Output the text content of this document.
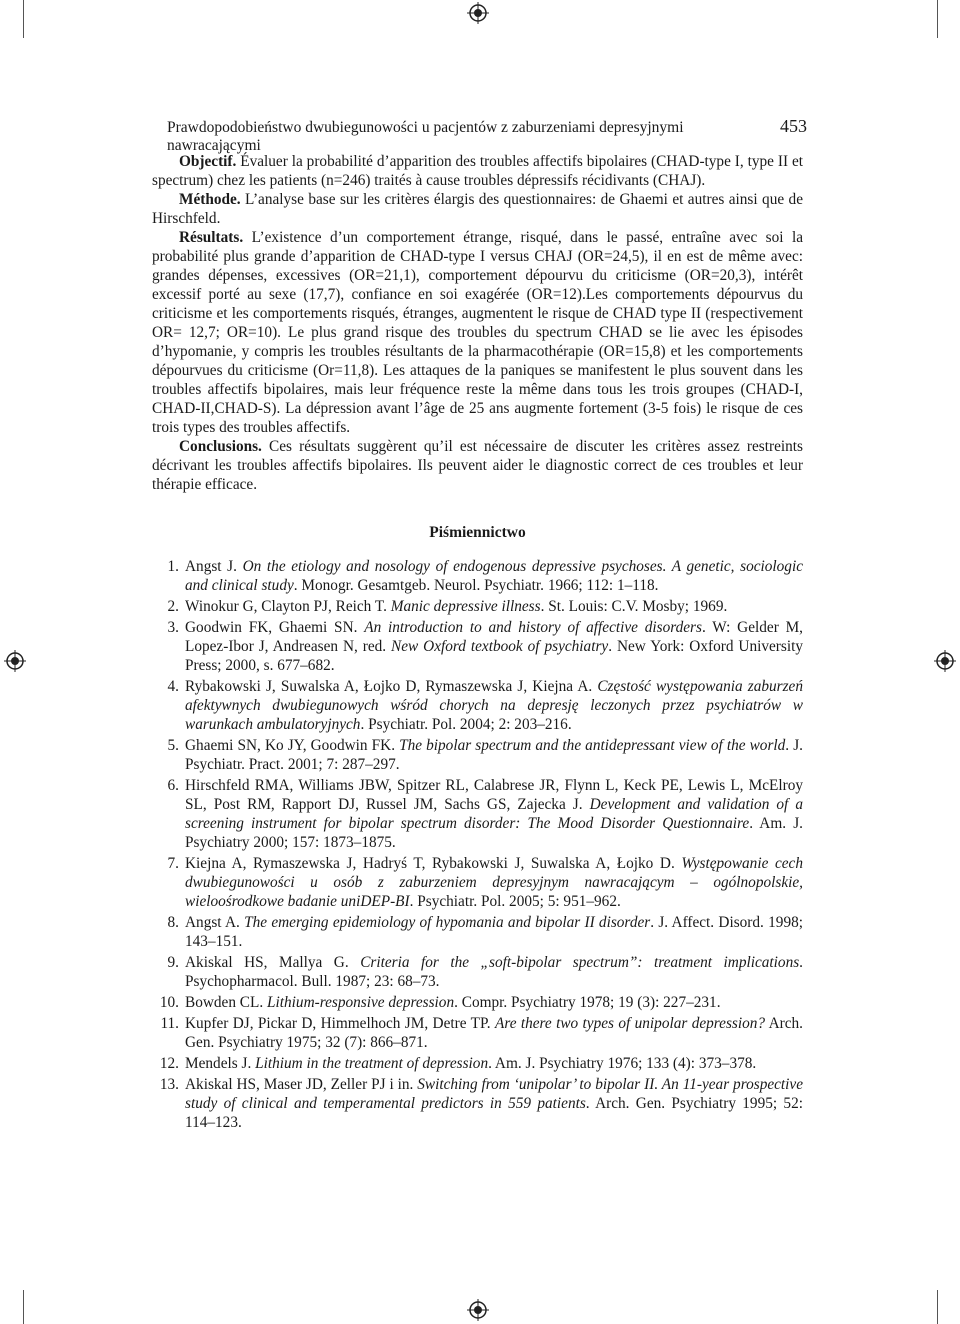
Prawdopodobieństwo dwubiegunowości u pacjentów z zaburzeniami depresyjnymi nawracającymi
453

Objectif. Évaluer la probabilité d’apparition des troubles affectifs bipolaires (CHAD-type I, type II et spectrum) chez les patients (n=246) traités à cause troubles dépressifs récidivants (CHAJ).

Méthode. L’analyse base sur les critères élargis des questionnaires: de Ghaemi et autres ainsi que de Hirschfeld.

Résultats. L’existence d’un comportement étrange, risqué, dans le passé, entraîne avec soi la probabilité plus grande d’apparition de CHAD-type I versus CHAJ (OR=24,5), il en est de même avec: grandes dépenses, excessives (OR=21,1), comportement dépourvu du criticisme (OR=20,3), intérêt excessif porté au sexe (17,7), confiance en soi exagérée (OR=12).Les comportements dépourvus du criticisme et les comportements risqués, étranges, augmentent le risque de CHAD type II (respectivement OR= 12,7; OR=10). Le plus grand risque des troubles du spectrum CHAD se lie avec les épisodes d’hypomanie, y compris les troubles résultants de la pharmacothérapie (OR=15,8) et les comportements dépourvues du criticisme (Or=11,8). Les attaques de la paniques se manifestent le plus souvent dans les troubles affectifs bipolaires, mais leur fréquence reste la même dans tous les trois groupes (CHAD-I, CHAD-II,CHAD-S). La dépression avant l’âge de 25 ans augmente fortement (3-5 fois) le risque de ces trois types des troubles affectifs.

Conclusions. Ces résultats suggèrent qu’il est nécessaire de discuter les critères assez restreints décrivant les troubles affectifs bipolaires. Ils peuvent aider le diagnostic correct de ces troubles et leur thérapie efficace.

Piśmiennictwo
1. Angst J. On the etiology and nosology of endogenous depressive psychoses. A genetic, sociologic and clinical study. Monogr. Gesamtgeb. Neurol. Psychiatr. 1966; 112: 1–118.
2. Winokur G, Clayton PJ, Reich T. Manic depressive illness. St. Louis: C.V. Mosby; 1969.
3. Goodwin FK, Ghaemi SN. An introduction to and history of affective disorders. W: Gelder M, Lopez-Ibor J, Andreasen N, red. New Oxford textbook of psychiatry. New York: Oxford University Press; 2000, s. 677–682.
4. Rybakowski J, Suwalska A, Łojko D, Rymaszewska J, Kiejna A. Częstość występowania zaburzeń afektywnych dwubiegunowych wśród chorych na depresję leczonych przez psychiatrów w warunkach ambulatoryjnych. Psychiatr. Pol. 2004; 2: 203–216.
5. Ghaemi SN, Ko JY, Goodwin FK. The bipolar spectrum and the antidepressant view of the world. J. Psychiatr. Pract. 2001; 7: 287–297.
6. Hirschfeld RMA, Williams JBW, Spitzer RL, Calabrese JR, Flynn L, Keck PE, Lewis L, McElroy SL, Post RM, Rapport DJ, Russel JM, Sachs GS, Zajecka J. Development and validation of a screening instrument for bipolar spectrum disorder: The Mood Disorder Questionnaire. Am. J. Psychiatry 2000; 157: 1873–1875.
7. Kiejna A, Rymaszewska J, Hadryś T, Rybakowski J, Suwalska A, Łojko D. Występowanie cech dwubiegunowości u osób z zaburzeniem depresyjnym nawracającym – ogólnopolskie, wieloośrodkowe badanie uniDEP-BI. Psychiatr. Pol. 2005; 5: 951–962.
8. Angst A. The emerging epidemiology of hypomania and bipolar II disorder. J. Affect. Disord. 1998; 143–151.
9. Akiskal HS, Mallya G. Criteria for the „soft-bipolar spectrum”: treatment implications. Psychopharmacol. Bull. 1987; 23: 68–73.
10. Bowden CL. Lithium-responsive depression. Compr. Psychiatry 1978; 19 (3): 227–231.
11. Kupfer DJ, Pickar D, Himmelhoch JM, Detre TP. Are there two types of unipolar depression? Arch. Gen. Psychiatry 1975; 32 (7): 866–871.
12. Mendels J. Lithium in the treatment of depression. Am. J. Psychiatry 1976; 133 (4): 373–378.
13. Akiskal HS, Maser JD, Zeller PJ i in. Switching from ‘unipolar’ to bipolar II. An 11-year prospective study of clinical and temperamental predictors in 559 patients. Arch. Gen. Psychiatry 1995; 52: 114–123.
